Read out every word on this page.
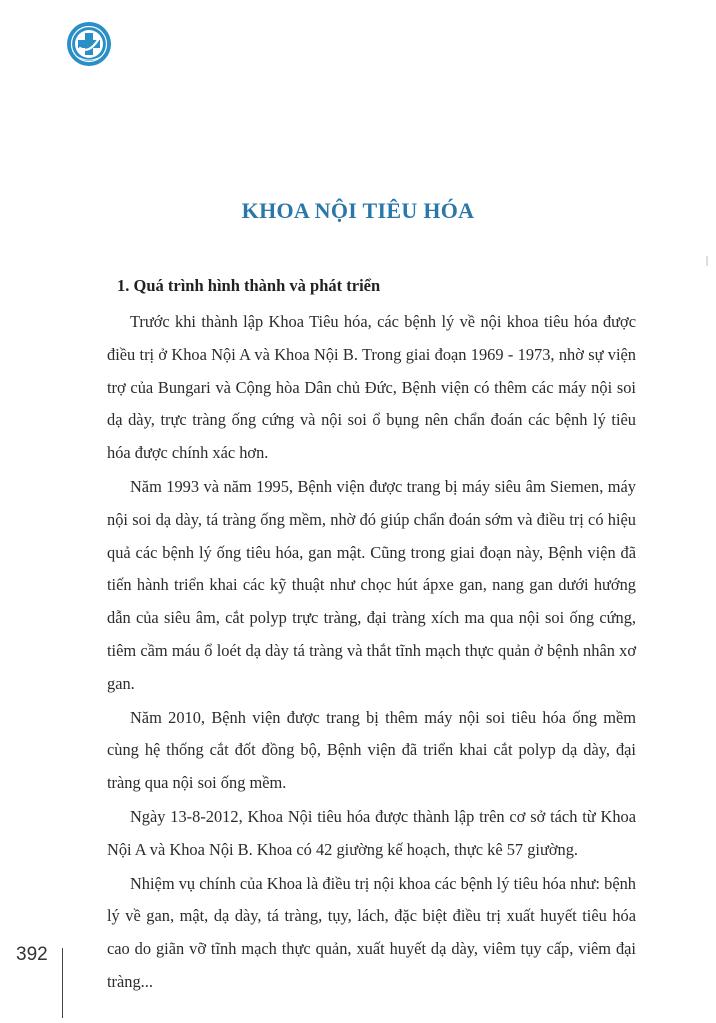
KHOA NỘI TIÊU HÓA

1. Quá trình hình thành và phát triển

Trước khi thành lập Khoa Tiêu hóa, các bệnh lý về nội khoa tiêu hóa được điều trị ở Khoa Nội A và Khoa Nội B. Trong giai đoạn 1969 - 1973, nhờ sự viện trợ của Bungari và Cộng hòa Dân chủ Đức, Bệnh viện có thêm các máy nội soi dạ dày, trực tràng ống cứng và nội soi ổ bụng nên chẩn đoán các bệnh lý tiêu hóa được chính xác hơn.

Năm 1993 và năm 1995, Bệnh viện được trang bị máy siêu âm Siemen, máy nội soi dạ dày, tá tràng ống mềm, nhờ đó giúp chẩn đoán sớm và điều trị có hiệu quả các bệnh lý ống tiêu hóa, gan mật. Cũng trong giai đoạn này, Bệnh viện đã tiến hành triển khai các kỹ thuật như chọc hút ápxe gan, nang gan dưới hướng dẫn của siêu âm, cắt polyp trực tràng, đại tràng xích ma qua nội soi ống cứng, tiêm cầm máu ổ loét dạ dày tá tràng và thắt tĩnh mạch thực quản ở bệnh nhân xơ gan.

Năm 2010, Bệnh viện được trang bị thêm máy nội soi tiêu hóa ống mềm cùng hệ thống cắt đốt đồng bộ, Bệnh viện đã triển khai cắt polyp dạ dày, đại tràng qua nội soi ống mềm.

Ngày 13-8-2012, Khoa Nội tiêu hóa được thành lập trên cơ sở tách từ Khoa Nội A và Khoa Nội B. Khoa có 42 giường kế hoạch, thực kê 57 giường.

Nhiệm vụ chính của Khoa là điều trị nội khoa các bệnh lý tiêu hóa như: bệnh lý về gan, mật, dạ dày, tá tràng, tụy, lách, đặc biệt điều trị xuất huyết tiêu hóa cao do giãn vỡ tĩnh mạch thực quản, xuất huyết dạ dày, viêm tụy cấp, viêm đại tràng...

392
